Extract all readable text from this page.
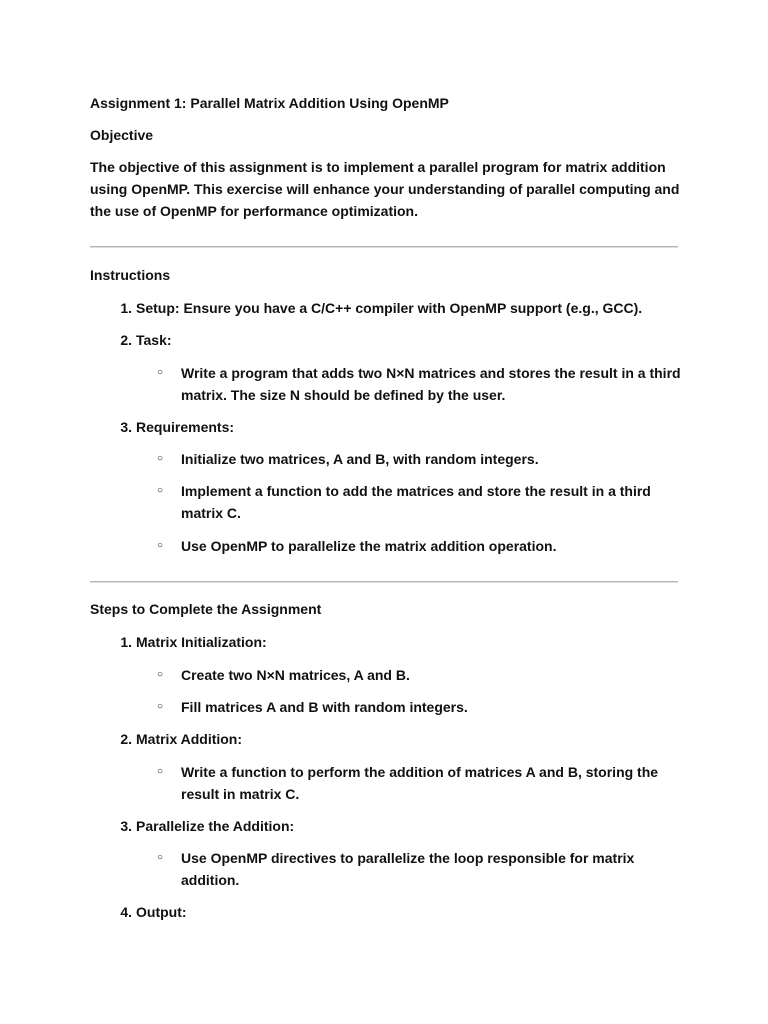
Assignment 1: Parallel Matrix Addition Using OpenMP

Objective

The objective of this assignment is to implement a parallel program for matrix addition using OpenMP. This exercise will enhance your understanding of parallel computing and the use of OpenMP for performance optimization.

Instructions

1. Setup: Ensure you have a C/C++ compiler with OpenMP support (e.g., GCC).
2. Task:
○ Write a program that adds two N×N matrices and stores the result in a third matrix. The size N should be defined by the user.
3. Requirements:
○ Initialize two matrices, A and B, with random integers.
○ Implement a function to add the matrices and store the result in a third matrix C.
○ Use OpenMP to parallelize the matrix addition operation.

Steps to Complete the Assignment

1. Matrix Initialization:
○ Create two N×N matrices, A and B.
○ Fill matrices A and B with random integers.
2. Matrix Addition:
○ Write a function to perform the addition of matrices A and B, storing the result in matrix C.
3. Parallelize the Addition:
○ Use OpenMP directives to parallelize the loop responsible for matrix addition.
4. Output:
